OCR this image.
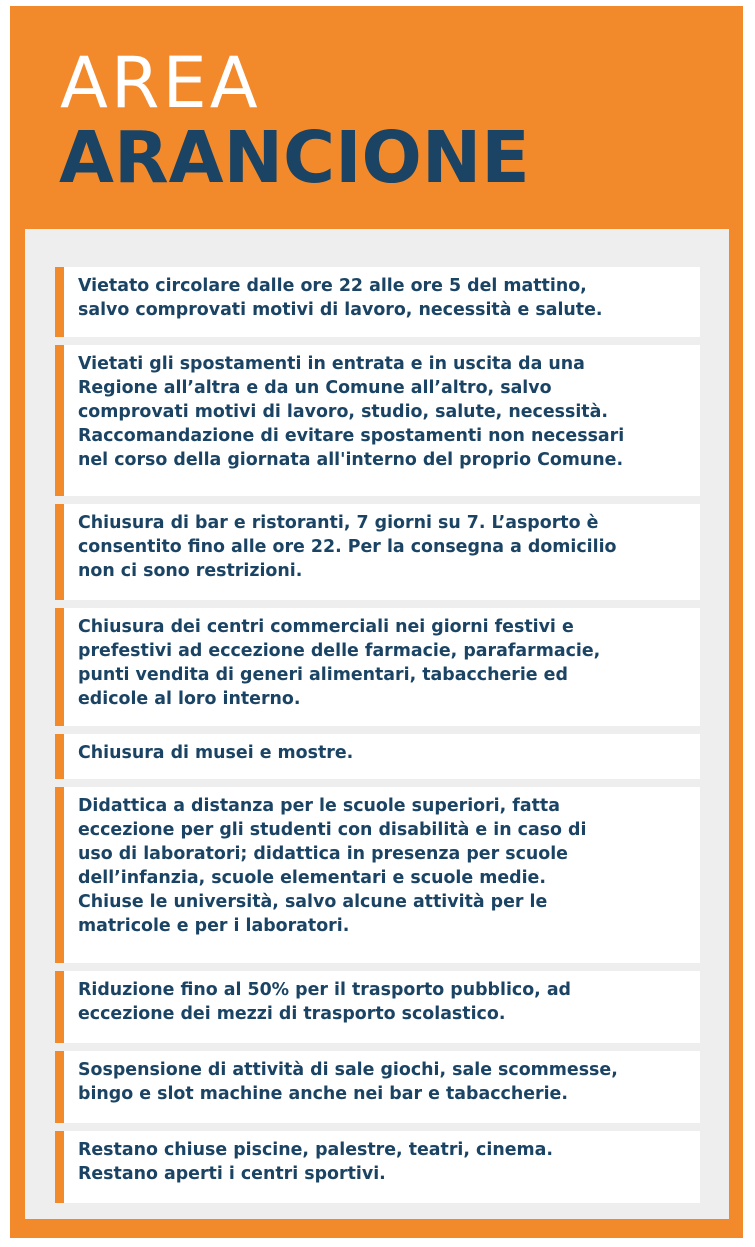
AREA
ARANCIONE
Vietato circolare dalle ore 22 alle ore 5 del mattino,
salvo comprovati motivi di lavoro, necessità e salute.
Vietati gli spostamenti in entrata e in uscita da una
Regione all’altra e da un Comune all’altro, salvo
comprovati motivi di lavoro, studio, salute, necessità.
Raccomandazione di evitare spostamenti non necessari
nel corso della giornata all'interno del proprio Comune.
Chiusura di bar e ristoranti, 7 giorni su 7. L’asporto è
consentito fino alle ore 22. Per la consegna a domicilio
non ci sono restrizioni.
Chiusura dei centri commerciali nei giorni festivi e
prefestivi ad eccezione delle farmacie, parafarmacie,
punti vendita di generi alimentari, tabaccherie ed
edicole al loro interno.
Chiusura di musei e mostre.
Didattica a distanza per le scuole superiori, fatta
eccezione per gli studenti con disabilità e in caso di
uso di laboratori; didattica in presenza per scuole
dell’infanzia, scuole elementari e scuole medie.
Chiuse le università, salvo alcune attività per le
matricole e per i laboratori.
Riduzione fino al 50% per il trasporto pubblico, ad
eccezione dei mezzi di trasporto scolastico.
Sospensione di attività di sale giochi, sale scommesse,
bingo e slot machine anche nei bar e tabaccherie.
Restano chiuse piscine, palestre, teatri, cinema.
Restano aperti i centri sportivi.
